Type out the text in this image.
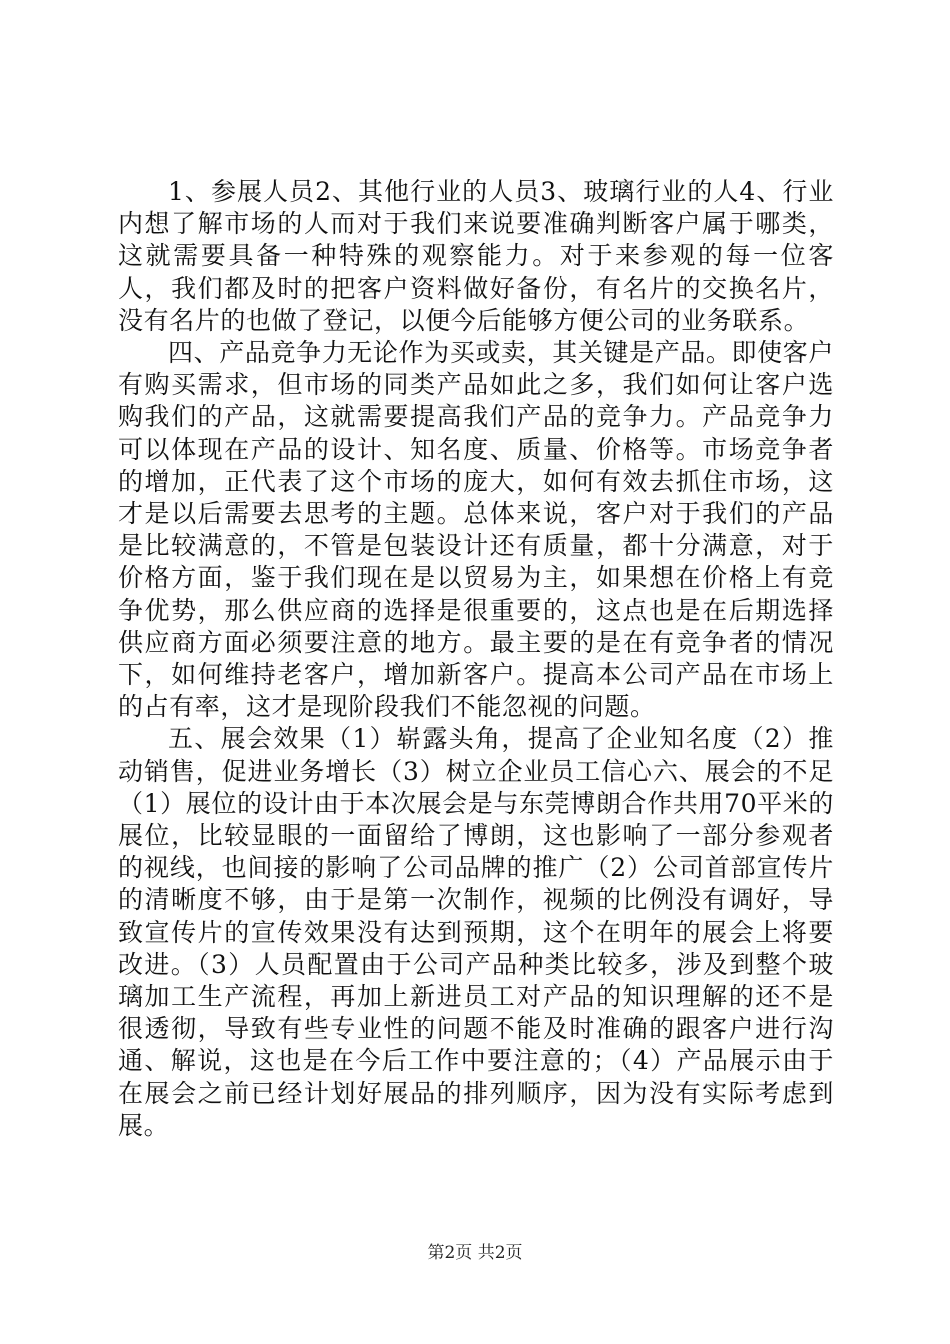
1、参展人员2、其他行业的人员3、玻璃行业的人4、行业内想了解市场的人而对于我们来说要准确判断客户属于哪类，这就需要具备一种特殊的观察能力。对于来参观的每一位客人，我们都及时的把客户资料做好备份，有名片的交换名片，没有名片的也做了登记，以便今后能够方便公司的业务联系。

四、产品竞争力无论作为买或卖，其关键是产品。即使客户有购买需求，但市场的同类产品如此之多，我们如何让客户选购我们的产品，这就需要提高我们产品的竞争力。产品竞争力可以体现在产品的设计、知名度、质量、价格等。市场竞争者的增加，正代表了这个市场的庞大，如何有效去抓住市场，这才是以后需要去思考的主题。总体来说，客户对于我们的产品是比较满意的，不管是包装设计还有质量，都十分满意，对于价格方面，鉴于我们现在是以贸易为主，如果想在价格上有竞争优势，那么供应商的选择是很重要的，这点也是在后期选择供应商方面必须要注意的地方。最主要的是在有竞争者的情况下，如何维持老客户，增加新客户。提高本公司产品在市场上的占有率，这才是现阶段我们不能忽视的问题。

五、展会效果（1）崭露头角，提高了企业知名度（2）推动销售，促进业务增长（3）树立企业员工信心六、展会的不足（1）展位的设计由于本次展会是与东莞博朗合作共用70平米的展位，比较显眼的一面留给了博朗，这也影响了一部分参观者的视线，也间接的影响了公司品牌的推广（2）公司首部宣传片的清晰度不够，由于是第一次制作，视频的比例没有调好，导致宣传片的宣传效果没有达到预期，这个在明年的展会上将要改进。（3）人员配置由于公司产品种类比较多，涉及到整个玻璃加工生产流程，再加上新进员工对产品的知识理解的还不是很透彻，导致有些专业性的问题不能及时准确的跟客户进行沟通、解说，这也是在今后工作中要注意的；（4）产品展示由于在展会之前已经计划好展品的排列顺序，因为没有实际考虑到展。

第2页 共2页
